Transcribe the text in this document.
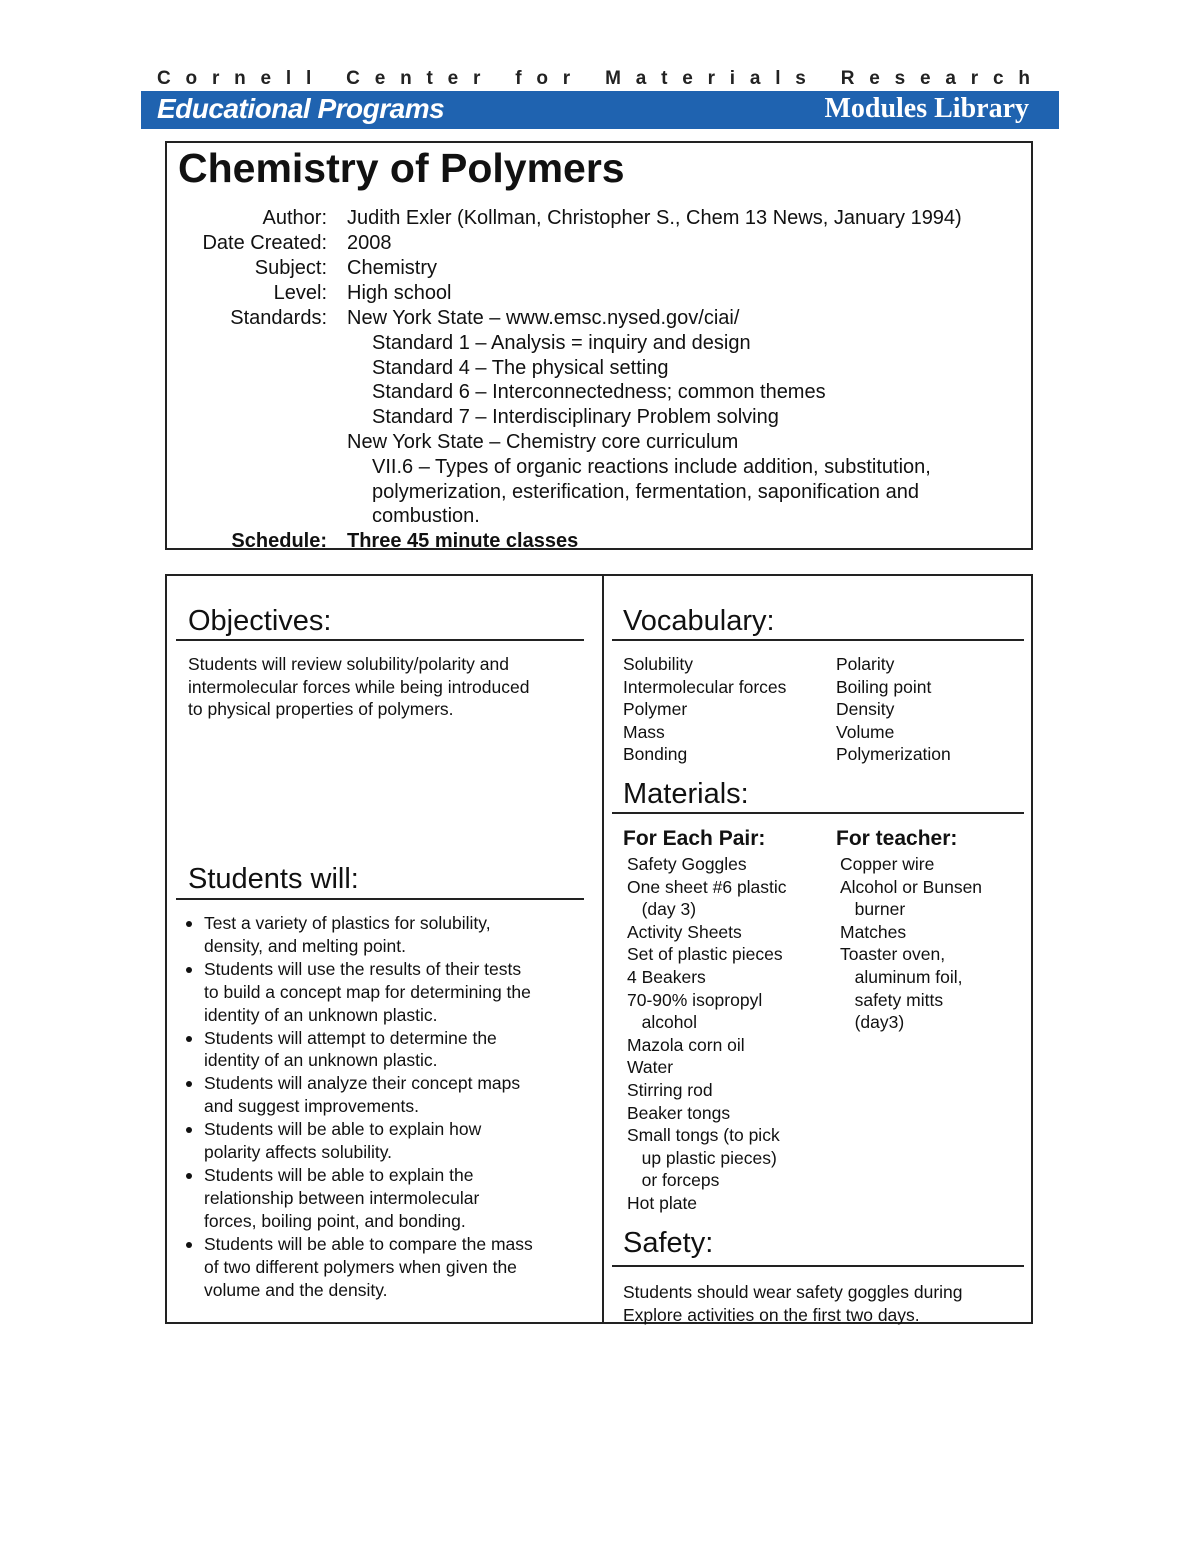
C o r n e l l
C e n t e r
f o r
M a t e r i a l s
R e s e a r c h
Educational Programs	Modules Library
Chemistry of Polymers
Author: Judith Exler (Kollman, Christopher S., Chem 13 News, January 1994)
Date Created: 2008
Subject: Chemistry
Level: High school
Standards: New York State – www.emsc.nysed.gov/ciai/
Standard 1 – Analysis = inquiry and design
Standard 4 – The physical setting
Standard 6 – Interconnectedness; common themes
Standard 7 – Interdisciplinary Problem solving
New York State – Chemistry core curriculum
VII.6 – Types of organic reactions include addition, substitution,
polymerization, esterification, fermentation, saponification and
combustion.
Schedule: Three 45 minute classes
Objectives:
Students will review solubility/polarity and
intermolecular forces while being introduced
to physical properties of polymers.
Students will:
Test a variety of plastics for solubility,
density, and melting point.
Students will use the results of their tests
to build a concept map for determining the
identity of an unknown plastic.
Students will attempt to determine the
identity of an unknown plastic.
Students will analyze their concept maps
and suggest improvements.
Students will be able to explain how
polarity affects solubility.
Students will be able to explain the
relationship between intermolecular
forces, boiling point, and bonding.
Students will be able to compare the mass
of two different polymers when given the
volume and the density.
Vocabulary:
Solubility
Intermolecular forces
Polymer
Mass
Bonding
Polarity
Boiling point
Density
Volume
Polymerization
Materials:
For Each Pair:
Safety Goggles
One sheet #6 plastic
(day 3)
Activity Sheets
Set of plastic pieces
4 Beakers
70-90% isopropyl
alcohol
Mazola corn oil
Water
Stirring rod
Beaker tongs
Small tongs (to pick
up plastic pieces)
or forceps
Hot plate
For teacher:
Copper wire
Alcohol or Bunsen
burner
Matches
Toaster oven,
aluminum foil,
safety mitts
(day3)
Safety:
Students should wear safety goggles during
Explore activities on the first two days.
